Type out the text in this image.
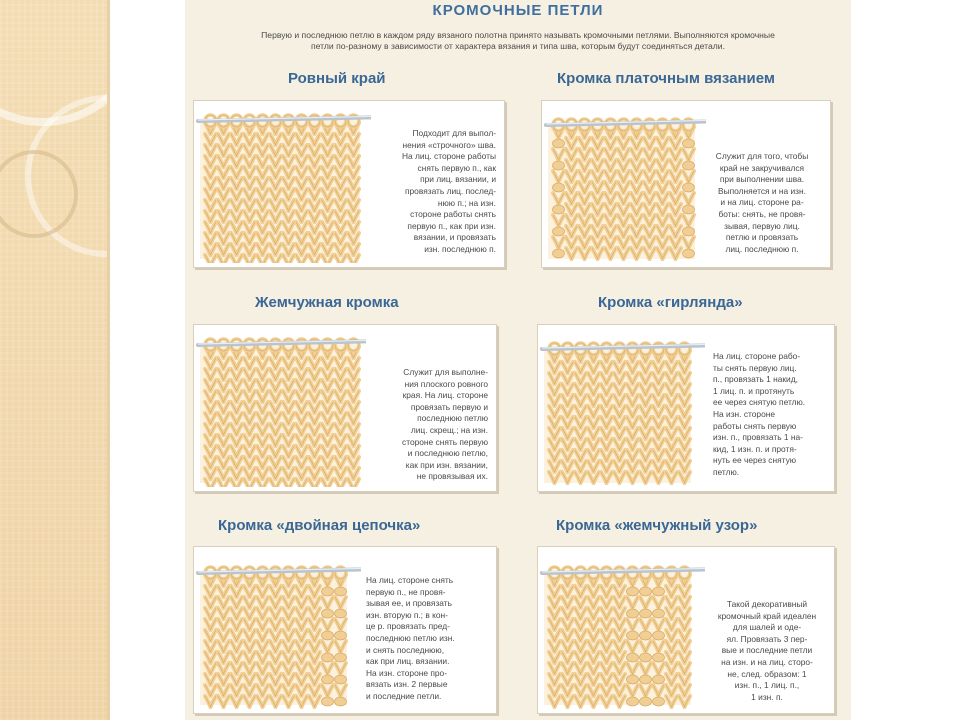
КРОМОЧНЫЕ ПЕТЛИ
Первую и последнюю петлю в каждом ряду вязаного полотна принято называть кромочными петлями. Выполняются кромочные
петли по-разному в зависимости от характера вязания и типа шва, которым будут соединяться детали.
Ровный край
Подходит для выпол-
нения «строчного» шва.
На лиц. стороне работы
снять первую п., как
при лиц. вязании, и
провязать лиц. послед-
нюю п.; на изн.
стороне работы снять
первую п., как при изн.
вязании, и провязать
изн. последнюю п.
Кромка платочным вязанием
Служит для того, чтобы
край не закручивался
при выполнении шва.
Выполняется и на изн.
и на лиц. стороне ра-
боты: снять, не провя-
зывая, первую лиц.
петлю и провязать
лиц. последнюю п.
Жемчужная кромка
Служит для выполне-
ния плоского ровного
края. На лиц. стороне
провязать первую и
последнюю петлю
лиц. скрещ.; на изн.
стороне снять первую
и последнюю петлю,
как при изн. вязании,
не провязывая их.
Кромка «гирлянда»
На лиц. стороне рабо-
ты снять первую лиц.
п., провязать 1 накид,
1 лиц. п. и протянуть
ее через снятую петлю.
На изн. стороне
работы снять первую
изн. п., провязать 1 на-
кид, 1 изн. п. и протя-
нуть ее через снятую
петлю.
Кромка «двойная цепочка»
На лиц. стороне снять
первую п., не провя-
зывая ее, и провязать
изн. вторую п.; в кон-
це р. провязать пред-
последнюю петлю изн.
и снять последнюю,
как при лиц. вязании.
На изн. стороне про-
вязать изн. 2 первые
и последние петли.
Кромка «жемчужный узор»
Такой декоративный
кромочный край идеален
для шалей и оде-
ял. Провязать 3 пер-
вые и последние петли
на изн. и на лиц. сторо-
не, след. образом: 1
изн. п., 1 лиц. п.,
1 изн. п.
